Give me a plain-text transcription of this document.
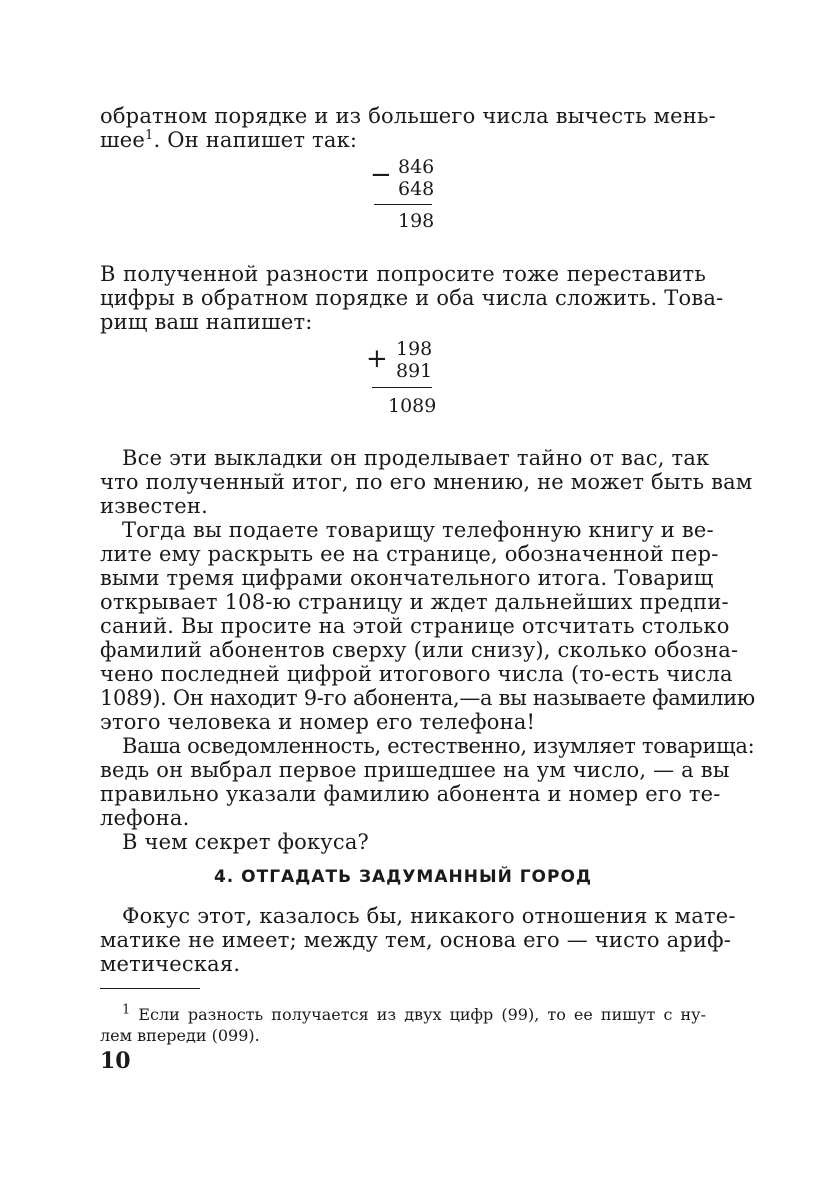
обратном порядке и из большего числа вычесть мень-
шее$^1$. Он напишет так:
− 846
648
198
В полученной разности попросите тоже переставить
цифры в обратном порядке и оба числа сложить. Това-
рищ ваш напишет:
+ 198
891
1089
Все эти выкладки он проделывает тайно от вас, так
что полученный итог, по его мнению, не может быть вам
известен.
Тогда вы подаете товарищу телефонную книгу и ве-
лите ему раскрыть ее на странице, обозначенной пер-
выми тремя цифрами окончательного итога. Товарищ
открывает 108-ю страницу и ждет дальнейших предпи-
саний. Вы просите на этой странице отсчитать столько
фамилий абонентов сверху (или снизу), сколько обозна-
чено последней цифрой итогового числа (то-есть числа
1089). Он находит 9-го абонента,—а вы называете фамилию
этого человека и номер его телефона!
Ваша осведомленность, естественно, изумляет товарища:
ведь он выбрал первое пришедшее на ум число, — а вы
правильно указали фамилию абонента и номер его те-
лефона.
В чем секрет фокуса?
4. ОТГАДАТЬ ЗАДУМАННЫЙ ГОРОД
Фокус этот, казалось бы, никакого отношения к мате-
матике не имеет; между тем, основа его — чисто ариф-
метическая.
$^1$ Если разность получается из двух цифр (99), то ее пишут с ну-
лем впереди (099).
10
